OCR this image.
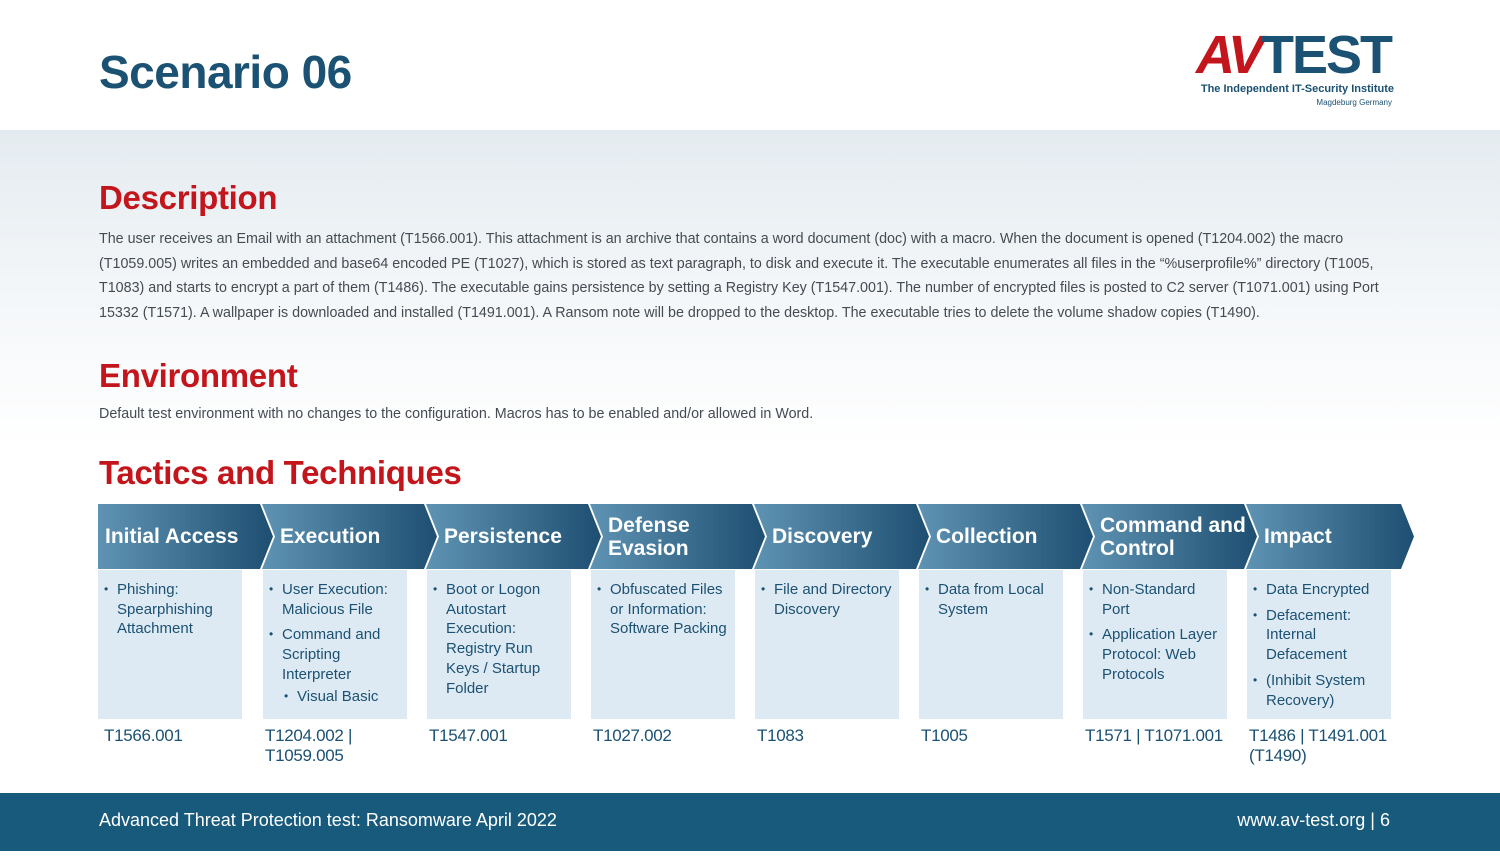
Scenario 06	AV TEST
The Independent IT-Security Institute
Magdeburg Germany
Description
The user receives an Email with an attachment (T1566.001). This attachment is an archive that contains a word document (doc) with a macro. When the document is opened (T1204.002) the macro (T1059.005) writes an embedded and base64 encoded PE (T1027), which is stored as text paragraph, to disk and execute it. The executable enumerates all files in the “%userprofile%” directory (T1005, T1083) and starts to encrypt a part of them (T1486). The executable gains persistence by setting a Registry Key (T1547.001). The number of encrypted files is posted to C2 server (T1071.001) using Port 15332 (T1571). A wallpaper is downloaded and installed (T1491.001). A Ransom note will be dropped to the desktop. The executable tries to delete the volume shadow copies (T1490).
Environment
Default test environment with no changes to the configuration. Macros has to be enabled and/or allowed in Word.
Tactics and Techniques
Initial Access
• Phishing: Spearphishing Attachment
T1566.001
Execution
• User Execution: Malicious File
• Command and Scripting Interpreter
• Visual Basic
T1204.002 | T1059.005
Persistence
• Boot or Logon Autostart Execution: Registry Run Keys / Startup Folder
T1547.001
Defense Evasion
• Obfuscated Files or Information: Software Packing
T1027.002
Discovery
• File and Directory Discovery
T1083
Collection
• Data from Local System
T1005
Command and Control
• Non-Standard Port
• Application Layer Protocol: Web Protocols
T1571 | T1071.001
Impact
• Data Encrypted
• Defacement: Internal Defacement
• (Inhibit System Recovery)
T1486 | T1491.001 (T1490)
Advanced Threat Protection test: Ransomware April 2022	www.av-test.org | 6
